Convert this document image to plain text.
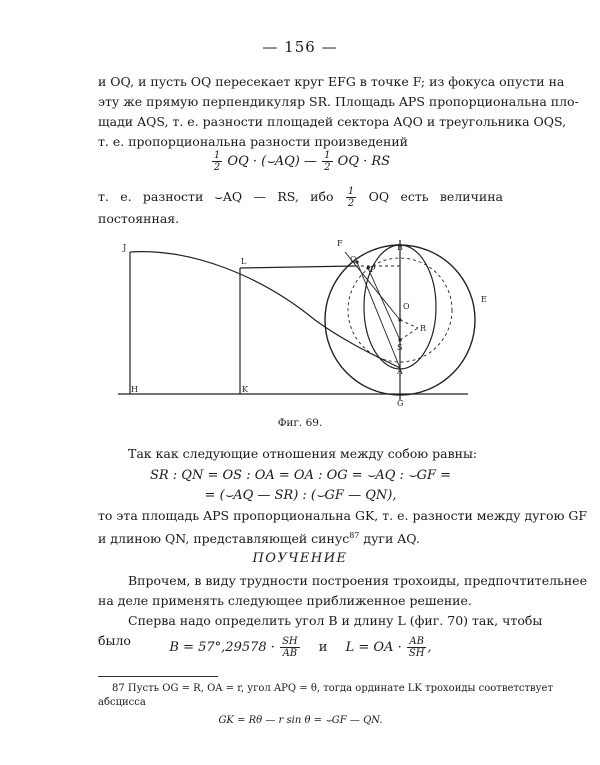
— 156 —
и OQ, и пусть OQ пересекает круг EFG в точке F; из фокуса опусти на
эту же прямую перпендикуляр SR. Площадь APS пропорциональна пло-
щади AQS, т. е. разности площадей сектора AQO и треугольника OQS,
т. е. пропорциональна разности произведений
$\frac{1}{2}$ OQ · (⌣AQ) — $\frac{1}{2}$ OQ · RS
т. е. разности ⌣AQ — RS, ибо $\frac{1}{2}$ OQ есть величина постоянная.
J
L
H	K
F
Q
P
B
O
R
S
A
G
E
Фиг. 69.
Так как следующие отношения между собою равны:
SR : QN = OS : OA = OA : OG = ⌣AQ : ⌣GF =
= (⌣AQ — SR) : (⌣GF — QN),
то эта площадь APS пропорциональна GK, т. е. разности между дугою GF
и длиною QN, представляющей синус$^{87}$ дуги AQ.
ПОУЧЕНИЕ
Впрочем, в виду трудности построения трохоиды, предпочтительнее
на деле применять следующее приближенное решение.
Сперва надо определить угол B и длину L (фиг. 70) так, чтобы
было	$B = 57^\circ,29578 \cdot \frac{SH}{AB}$ и L = OA · $\frac{AB}{SH}$ ,
87 Пусть OG = R, OA = r, угол APQ = θ, тогда ординате LK трохоиды соответствует
абсцисса
GK = Rθ — r sin θ = ⌣GF — QN.
